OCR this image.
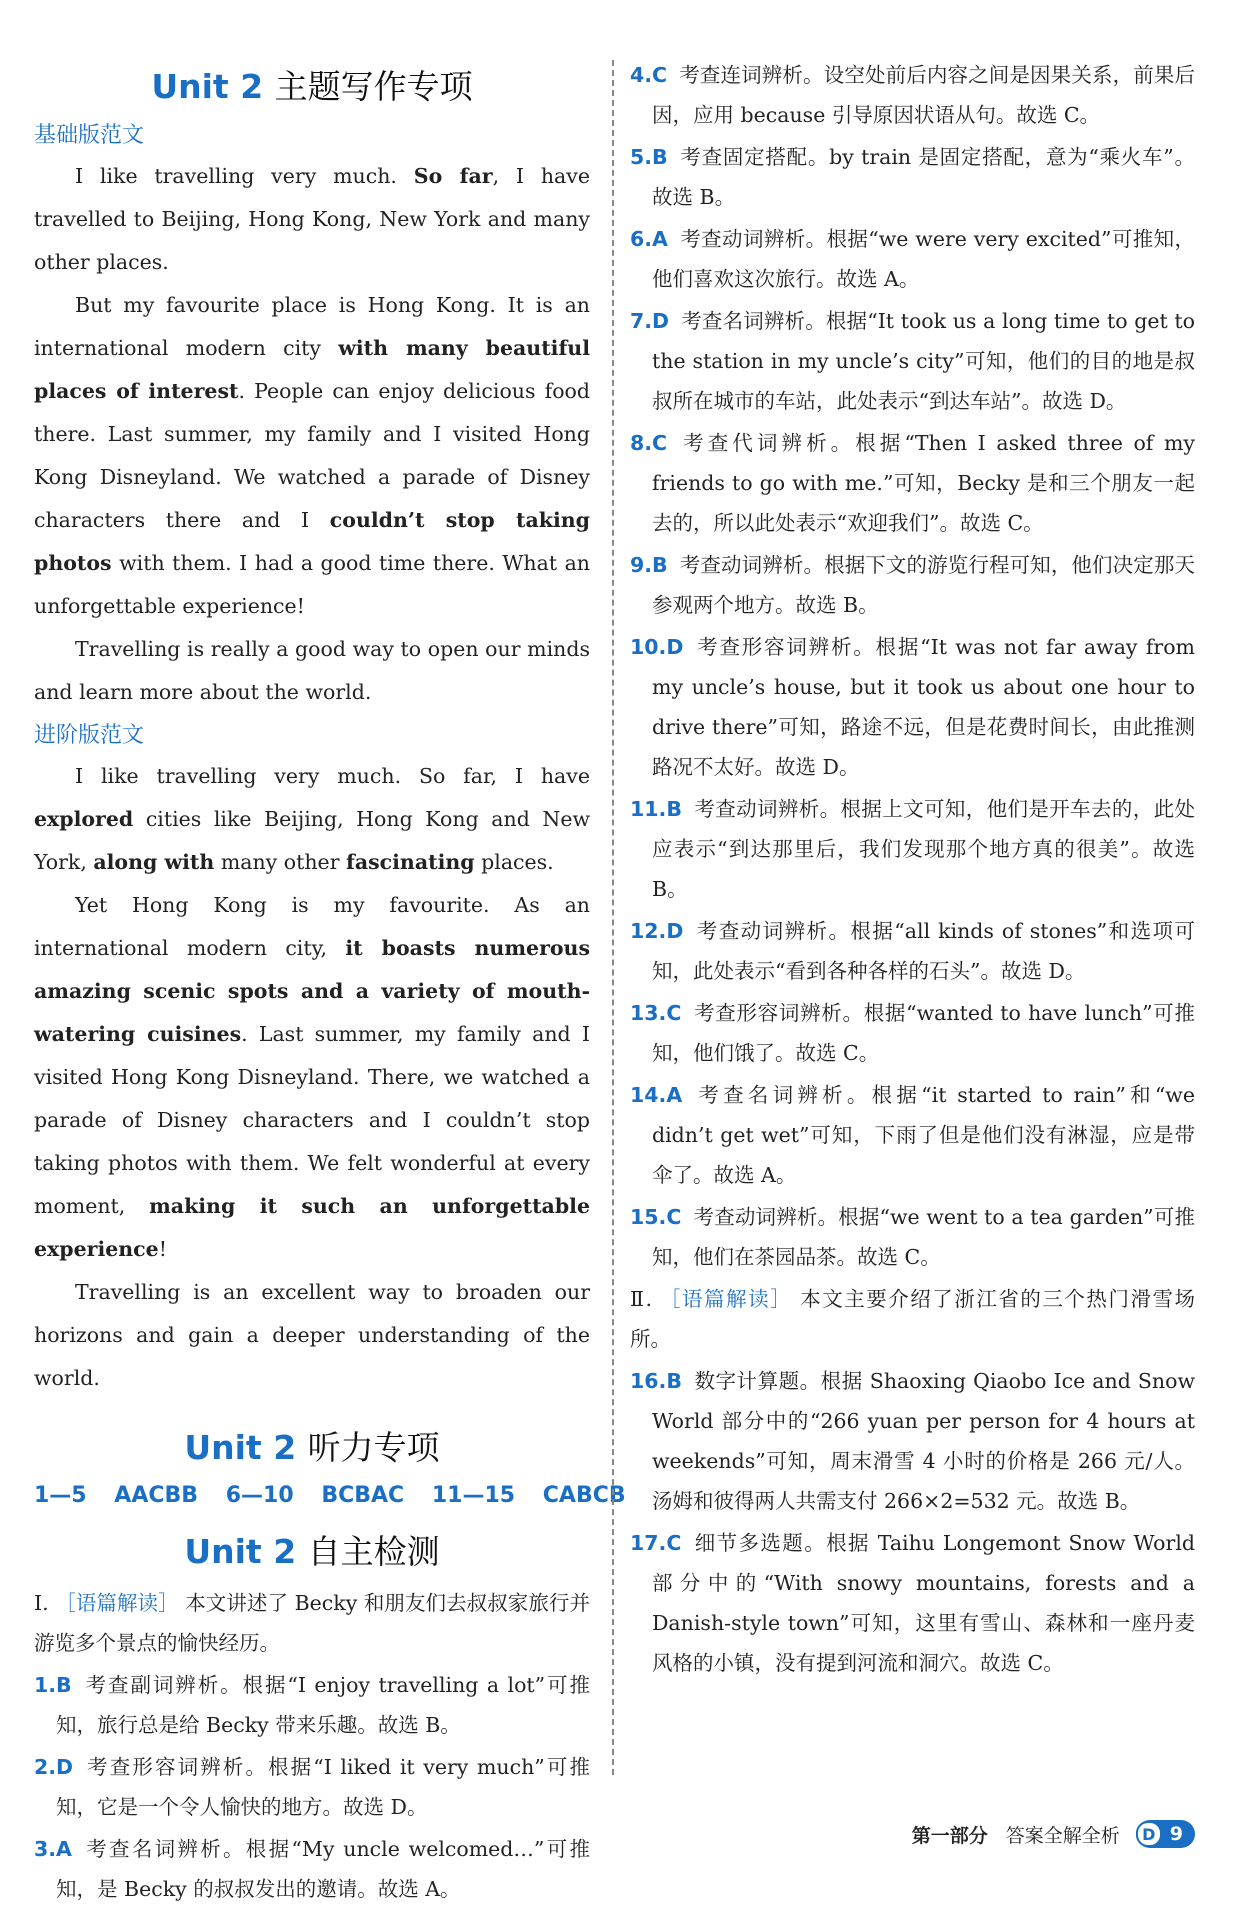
Unit 2 主题写作专项
基础版范文

I like travelling very much. So far, I have travelled to Beijing, Hong Kong, New York and many other places.

But my favourite place is Hong Kong. It is an international modern city with many beautiful places of interest. People can enjoy delicious food there. Last summer, my family and I visited Hong Kong Disneyland. We watched a parade of Disney characters there and I couldn’t stop taking photos with them. I had a good time there. What an unforgettable experience!

Travelling is really a good way to open our minds and learn more about the world.

进阶版范文

I like travelling very much. So far, I have explored cities like Beijing, Hong Kong and New York, along with many other fascinating places.

Yet Hong Kong is my favourite. As an international modern city, it boasts numerous amazing scenic spots and a variety of mouth-watering cuisines. Last summer, my family and I visited Hong Kong Disneyland. There, we watched a parade of Disney characters and I couldn’t stop taking photos with them. We felt wonderful at every moment, making it such an unforgettable experience!

Travelling is an excellent way to broaden our horizons and gain a deeper understanding of the world.

Unit 2 听力专项
1—5 AACBB 6—10 BCBAC 11—15 CABCB
Unit 2 自主检测

Ⅰ. ［语篇解读］ 本文讲述了 Becky 和朋友们去叔叔家旅行并游览多个景点的愉快经历。

1.B 考查副词辨析。根据“I enjoy travelling a lot”可推知，旅行总是给 Becky 带来乐趣。故选 B。

2.D 考查形容词辨析。根据“I liked it very much”可推知，它是一个令人愉快的地方。故选 D。

3.A 考查名词辨析。根据“My uncle welcomed…”可推知，是 Becky 的叔叔发出的邀请。故选 A。

4.C 考查连词辨析。设空处前后内容之间是因果关系，前果后因，应用 because 引导原因状语从句。故选 C。

5.B 考查固定搭配。by train 是固定搭配，意为“乘火车”。故选 B。

6.A 考查动词辨析。根据“we were very excited”可推知，他们喜欢这次旅行。故选 A。

7.D 考查名词辨析。根据“It took us a long time to get to the station in my uncle’s city”可知，他们的目的地是叔叔所在城市的车站，此处表示“到达车站”。故选 D。

8.C 考查代词辨析。根据“Then I asked three of my friends to go with me.”可知，Becky 是和三个朋友一起去的，所以此处表示“欢迎我们”。故选 C。

9.B 考查动词辨析。根据下文的游览行程可知，他们决定那天参观两个地方。故选 B。

10.D 考查形容词辨析。根据“It was not far away from my uncle’s house, but it took us about one hour to drive there”可知，路途不远，但是花费时间长，由此推测路况不太好。故选 D。

11.B 考查动词辨析。根据上文可知，他们是开车去的，此处应表示“到达那里后，我们发现那个地方真的很美”。故选 B。

12.D 考查动词辨析。根据“all kinds of stones”和选项可知，此处表示“看到各种各样的石头”。故选 D。

13.C 考查形容词辨析。根据“wanted to have lunch”可推知，他们饿了。故选 C。

14.A 考查名词辨析。根据“it started to rain”和“we didn’t get wet”可知，下雨了但是他们没有淋湿，应是带伞了。故选 A。

15.C 考查动词辨析。根据“we went to a tea garden”可推知，他们在茶园品茶。故选 C。

Ⅱ. ［语篇解读］ 本文主要介绍了浙江省的三个热门滑雪场所。

16.B 数字计算题。根据 Shaoxing Qiaobo Ice and Snow World 部分中的“266 yuan per person for 4 hours at weekends”可知，周末滑雪 4 小时的价格是 266 元/人。汤姆和彼得两人共需支付 266×2=532 元。故选 B。

17.C 细节多选题。根据 Taihu Longemont Snow World 部分中的“With snowy mountains, forests and a Danish-style town”可知，这里有雪山、森林和一座丹麦风格的小镇，没有提到河流和洞穴。故选 C。

第一部分 答案全解全析	D 9
